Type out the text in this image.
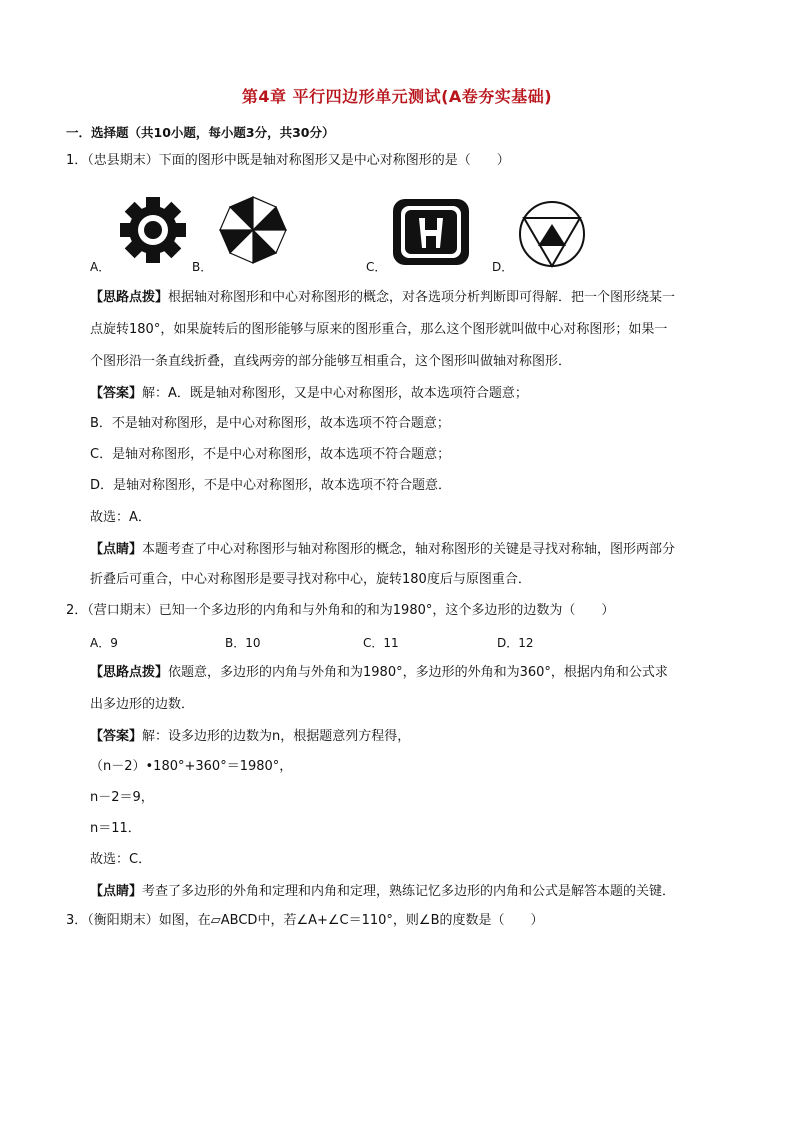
第4章 平行四边形单元测试(A卷夯实基础)
一．选择题（共10小题，每小题3分，共30分）
1．（忠县期末）下面的图形中既是轴对称图形又是中心对称图形的是（　　）
A．	B．	C．	D．
【思路点拨】根据轴对称图形和中心对称图形的概念，对各选项分析判断即可得解．把一个图形绕某一
点旋转180°，如果旋转后的图形能够与原来的图形重合，那么这个图形就叫做中心对称图形；如果一
个图形沿一条直线折叠，直线两旁的部分能够互相重合，这个图形叫做轴对称图形．
【答案】解：A．既是轴对称图形，又是中心对称图形，故本选项符合题意；
B．不是轴对称图形，是中心对称图形，故本选项不符合题意；
C．是轴对称图形，不是中心对称图形，故本选项不符合题意；
D．是轴对称图形，不是中心对称图形，故本选项不符合题意．
故选：A．
【点睛】本题考查了中心对称图形与轴对称图形的概念，轴对称图形的关键是寻找对称轴，图形两部分
折叠后可重合，中心对称图形是要寻找对称中心，旋转180度后与原图重合．
2．（营口期末）已知一个多边形的内角和与外角和的和为1980°，这个多边形的边数为（　　）
A．9	B．10	C．11	D．12
【思路点拨】依题意，多边形的内角与外角和为1980°，多边形的外角和为360°，根据内角和公式求
出多边形的边数．
【答案】解：设多边形的边数为n，根据题意列方程得，
（n－2）•180°+360°＝1980°，
n－2＝9，
n＝11．
故选：C．
【点睛】考查了多边形的外角和定理和内角和定理，熟练记忆多边形的内角和公式是解答本题的关键．
3．（衡阳期末）如图，在▱ABCD中，若∠A+∠C＝110°，则∠B的度数是（　　）
